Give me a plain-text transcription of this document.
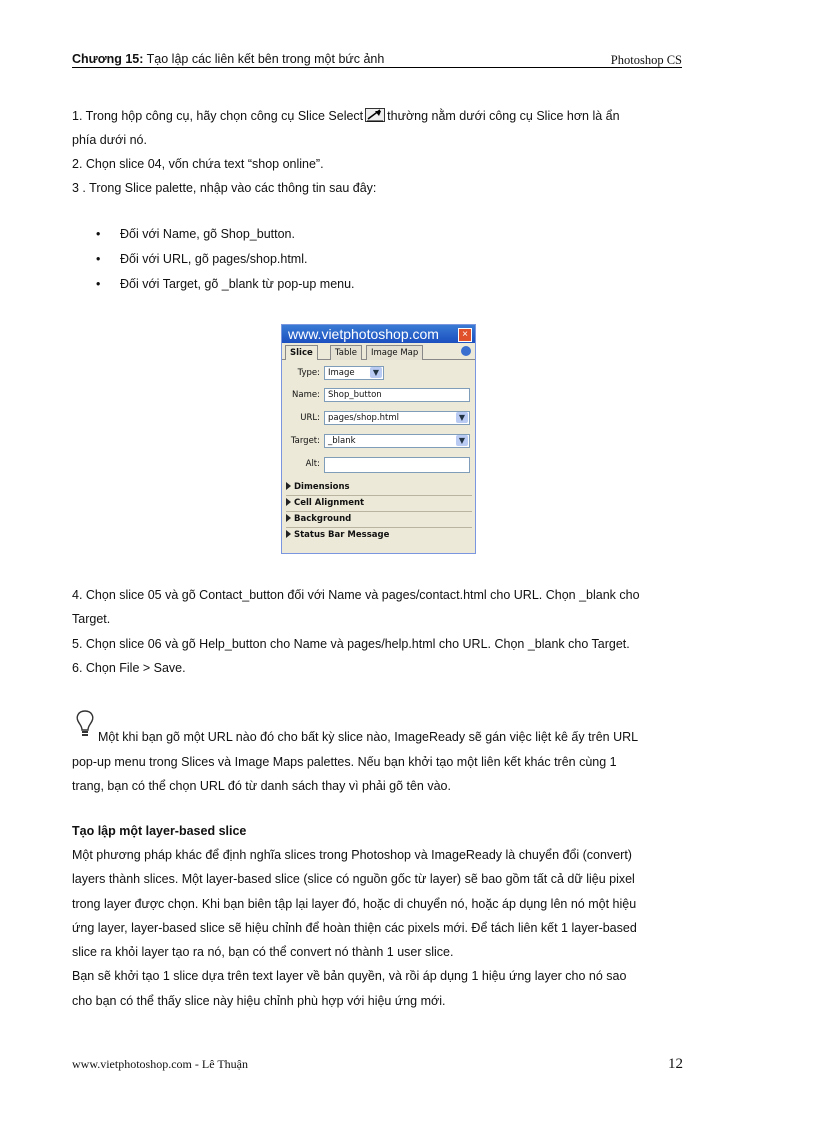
Chương 15: Tạo lập các liên kết bên trong một bức ảnh	Photoshop CS
1. Trong hộp công cụ, hãy chọn công cụ Slice Select thường nằm dưới công cụ Slice hơn là ẩn
phía dưới nó.
2. Chọn slice 04, vốn chứa text “shop online”.
3 . Trong Slice palette, nhập vào các thông tin sau đây:
• Đối với Name, gõ Shop_button.
• Đối với URL, gõ pages/shop.html.
• Đối với Target, gõ _blank từ pop-up menu.
www.vietphotoshop.com	×
Slice	Table	Image Map
Type: Image	▼
Name: Shop_button
URL: pages/shop.html	▼
Target: _blank	▼
Alt:
Dimensions
Cell Alignment
Background
Status Bar Message
4. Chọn slice 05 và gõ Contact_button đối với Name và pages/contact.html cho URL. Chọn _blank cho
Target.
5. Chọn slice 06 và gõ Help_button cho Name và pages/help.html cho URL. Chọn _blank cho Target.
6. Chọn File > Save.
Một khi bạn gõ một URL nào đó cho bất kỳ slice nào, ImageReady sẽ gán việc liệt kê ấy trên URL
pop-up menu trong Slices và Image Maps palettes. Nếu bạn khởi tạo một liên kết khác trên cùng 1
trang, bạn có thể chọn URL đó từ danh sách thay vì phải gõ tên vào.
Tạo lập một layer-based slice
Một phương pháp khác để định nghĩa slices trong Photoshop và ImageReady là chuyển đổi (convert)
layers thành slices. Một layer-based slice (slice có nguồn gốc từ layer) sẽ bao gồm tất cả dữ liệu pixel
trong layer được chọn. Khi bạn biên tập lại layer đó, hoặc di chuyển nó, hoặc áp dụng lên nó một hiệu
ứng layer, layer-based slice sẽ hiệu chỉnh để hoàn thiện các pixels mới. Để tách liên kết 1 layer-based
slice ra khỏi layer tạo ra nó, bạn có thể convert nó thành 1 user slice.
Bạn sẽ khởi tạo 1 slice dựa trên text layer về bản quyền, và rồi áp dụng 1 hiệu ứng layer cho nó sao
cho bạn có thể thấy slice này hiệu chỉnh phù hợp với hiệu ứng mới.
www.vietphotoshop.com - Lê Thuận	12
